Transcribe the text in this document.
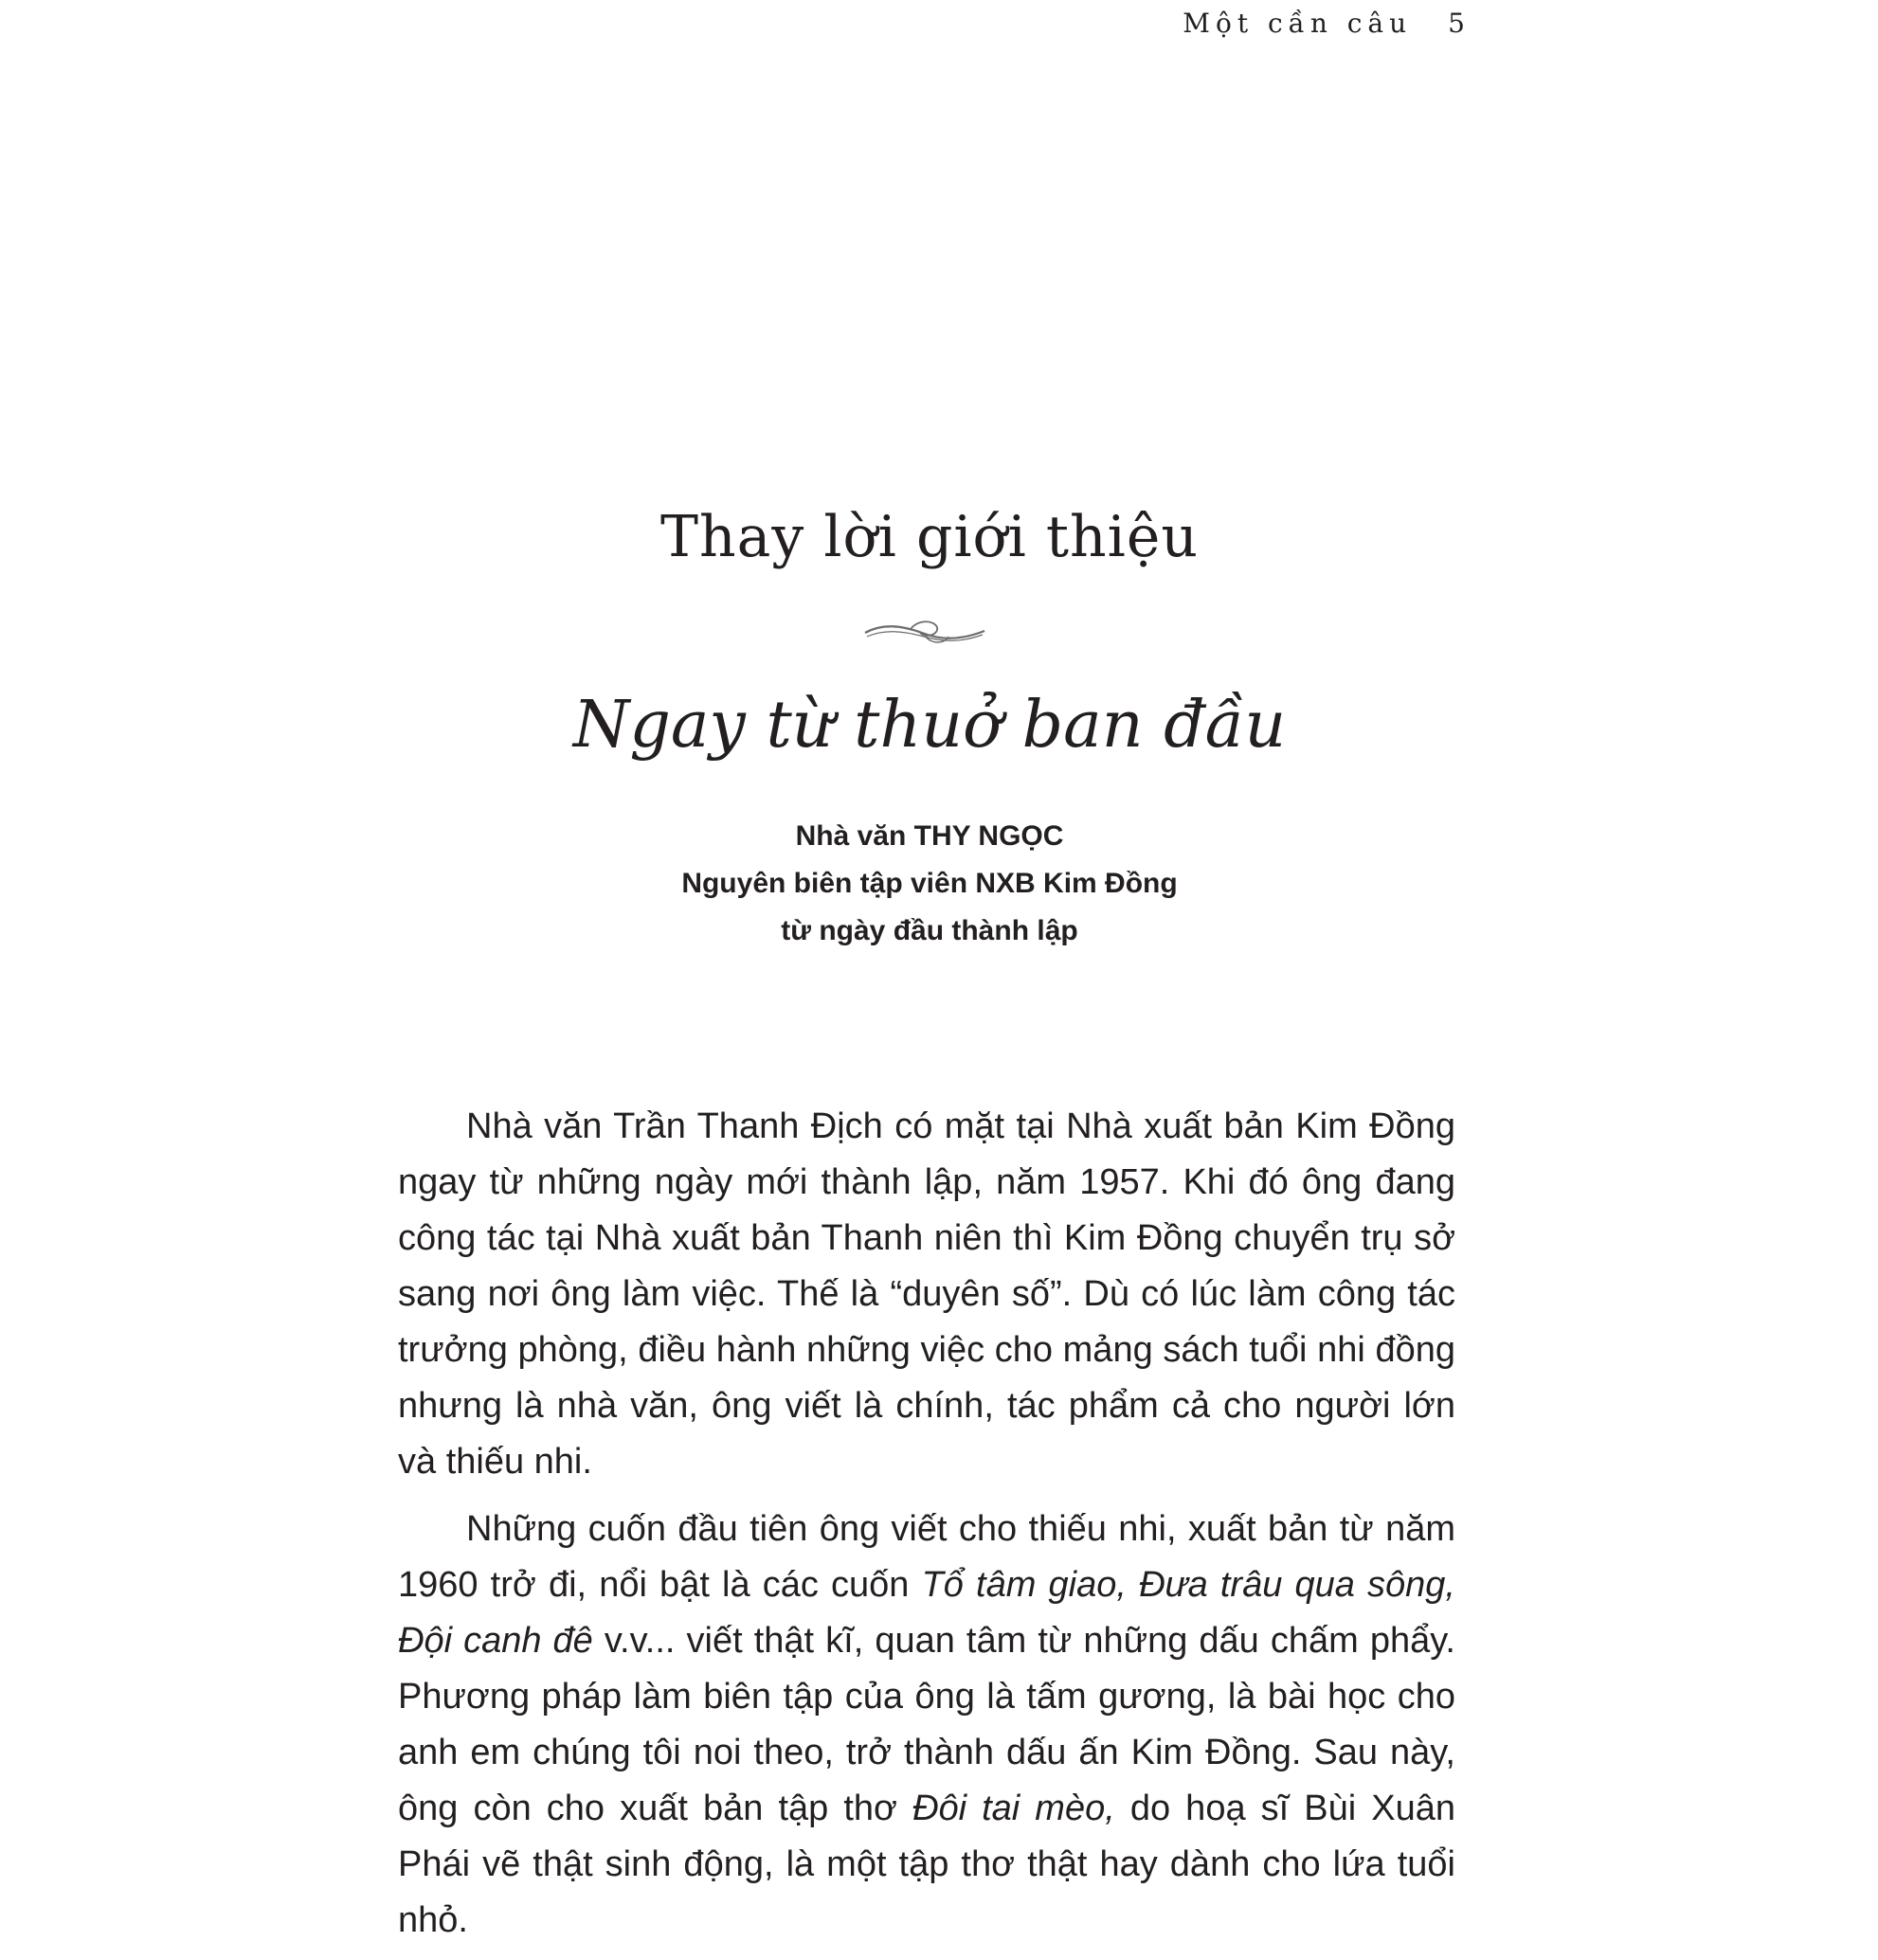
Một cần câu 5
Thay lời giới thiệu
Ngay từ thuở ban đầu
Nhà văn THY NGỌC
Nguyên biên tập viên NXB Kim Đồng
từ ngày đầu thành lập

Nhà văn Trần Thanh Địch có mặt tại Nhà xuất bản Kim Đồng ngay từ những ngày mới thành lập, năm 1957. Khi đó ông đang công tác tại Nhà xuất bản Thanh niên thì Kim Đồng chuyển trụ sở sang nơi ông làm việc. Thế là “duyên số”. Dù có lúc làm công tác trưởng phòng, điều hành những việc cho mảng sách tuổi nhi đồng nhưng là nhà văn, ông viết là chính, tác phẩm cả cho người lớn và thiếu nhi.

Những cuốn đầu tiên ông viết cho thiếu nhi, xuất bản từ năm 1960 trở đi, nổi bật là các cuốn Tổ tâm giao, Đưa trâu qua sông, Đội canh đê v.v... viết thật kĩ, quan tâm từ những dấu chấm phẩy. Phương pháp làm biên tập của ông là tấm gương, là bài học cho anh em chúng tôi noi theo, trở thành dấu ấn Kim Đồng. Sau này, ông còn cho xuất bản tập thơ Đôi tai mèo, do hoạ sĩ Bùi Xuân Phái vẽ thật sinh động, là một tập thơ thật hay dành cho lứa tuổi nhỏ.
